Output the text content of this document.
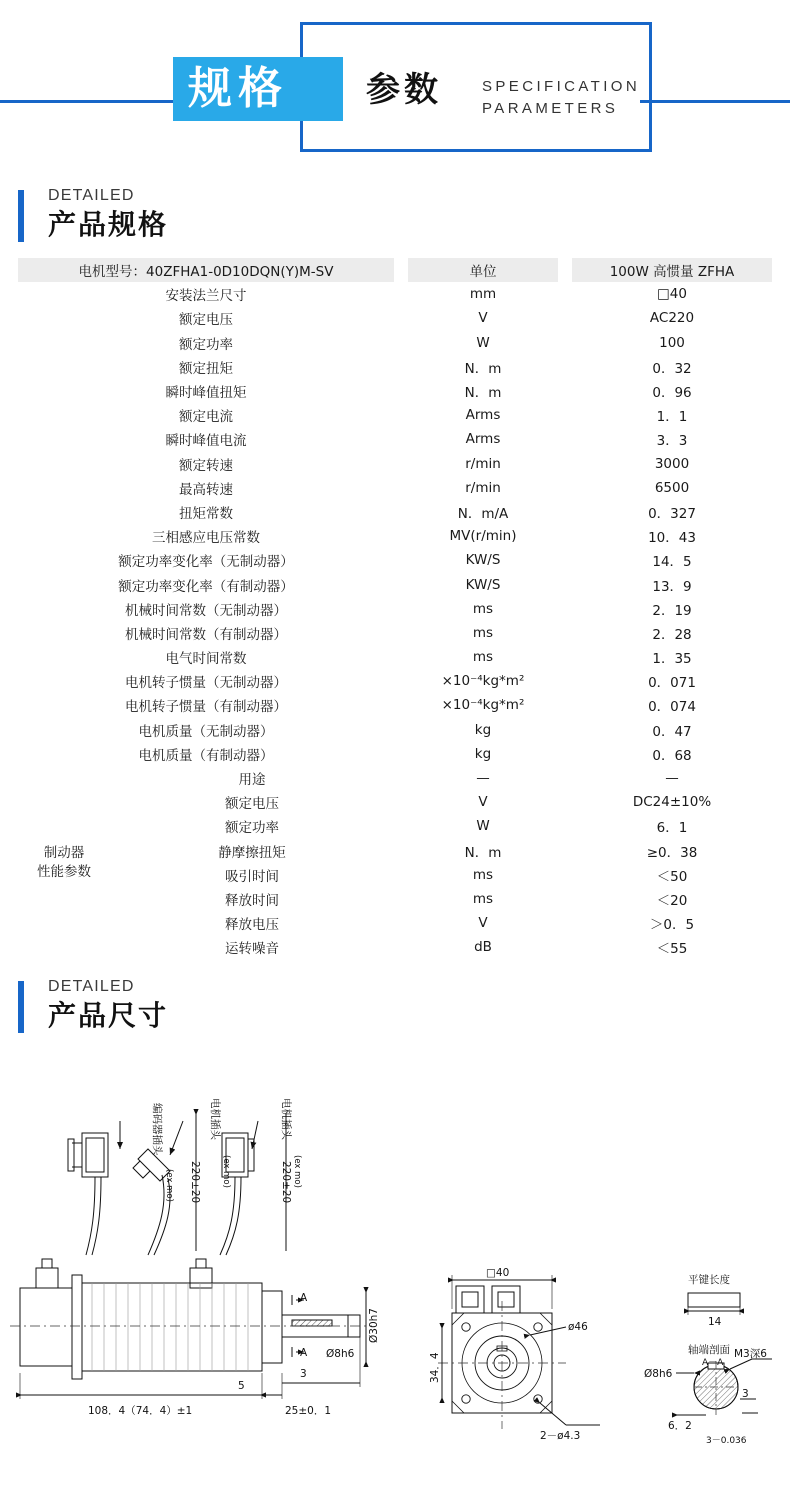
规格 参数	SPECIFICATION
PARAMETERS
DETAILED
产品规格
电机型号：40ZFHA1-0D10DQN(Y)M-SV			单位		100W 高惯量 ZFHA
安装法兰尺寸			mm		□40
额定电压			V		AC220
额定功率			W		100
额定扭矩			N．m		0．32
瞬时峰值扭矩			N．m		0．96
额定电流			Arms		1．1
瞬时峰值电流			Arms		3．3
额定转速			r/min		3000
最高转速			r/min		6500
扭矩常数			N．m/A		0．327
三相感应电压常数			MV(r/min)		10．43
额定功率变化率（无制动器）			KW/S		14．5
额定功率变化率（有制动器）			KW/S		13．9
机械时间常数（无制动器）			ms		2．19
机械时间常数（有制动器）			ms		2．28
电气时间常数			ms		1．35
电机转子惯量（无制动器）			×10⁻⁴kg*m²		0．071
电机转子惯量（有制动器）			×10⁻⁴kg*m²		0．074
电机质量（无制动器）			kg		0．47
电机质量（有制动器）			kg		0．68
制动器
性能参数	用途		—		—
	额定电压		V		DC24±10%
	额定功率		W		6．1
	静摩擦扭矩		N．m		≥0．38
	吸引时间		ms		＜50
	释放时间		ms		＜20
	释放电压		V		＞0．5
	运转噪音		dB		＜55
DETAILED
产品尺寸
编码器插头
(ex mo)
电机插头
(ex mo)
电机插头
(ex mo)
220±20	220±20
108．4（74．4）±1
5
3
25±0．1
Ø8h6
Ø30h7
A
A
□40
34．4
ø46
2－ø4.3
平键长度
14
轴端剖面
A－A
Ø8h6
M3深6
6．2
3
3－0.036
